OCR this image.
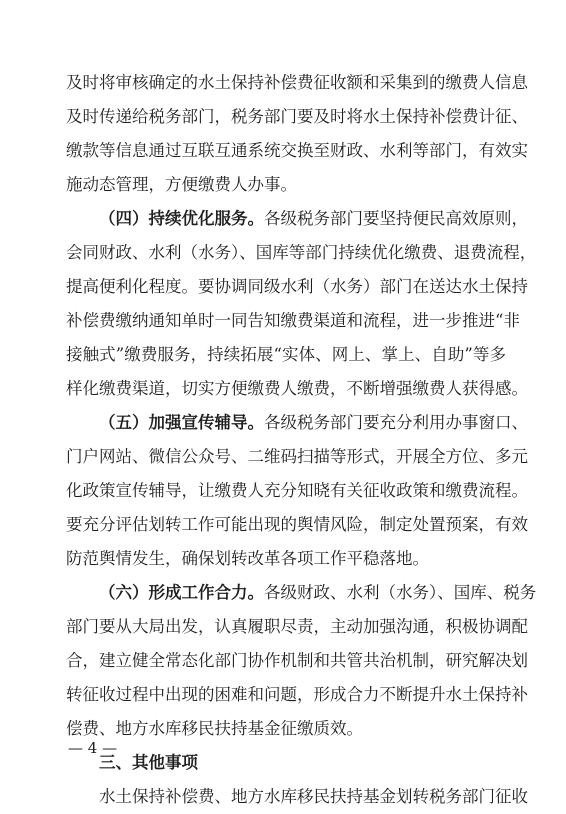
及时将审核确定的水土保持补偿费征收额和采集到的缴费人信息
及时传递给税务部门，税务部门要及时将水土保持补偿费计征、
缴款等信息通过互联互通系统交换至财政、水利等部门，有效实
施动态管理，方便缴费人办事。
（四）持续优化服务。各级税务部门要坚持便民高效原则，
会同财政、水利（水务）、国库等部门持续优化缴费、退费流程，
提高便利化程度。要协调同级水利（水务）部门在送达水土保持
补偿费缴纳通知单时一同告知缴费渠道和流程，进一步推进“非
接触式”缴费服务，持续拓展“实体、网上、掌上、自助”等多
样化缴费渠道，切实方便缴费人缴费，不断增强缴费人获得感。
（五）加强宣传辅导。各级税务部门要充分利用办事窗口、
门户网站、微信公众号、二维码扫描等形式，开展全方位、多元
化政策宣传辅导，让缴费人充分知晓有关征收政策和缴费流程。
要充分评估划转工作可能出现的舆情风险，制定处置预案，有效
防范舆情发生，确保划转改革各项工作平稳落地。
（六）形成工作合力。各级财政、水利（水务）、国库、税务
部门要从大局出发，认真履职尽责，主动加强沟通，积极协调配
合，建立健全常态化部门协作机制和共管共治机制，研究解决划
转征收过程中出现的困难和问题，形成合力不断提升水土保持补
偿费、地方水库移民扶持基金征缴质效。
三、其他事项
水土保持补偿费、地方水库移民扶持基金划转税务部门征收
— 4 —
